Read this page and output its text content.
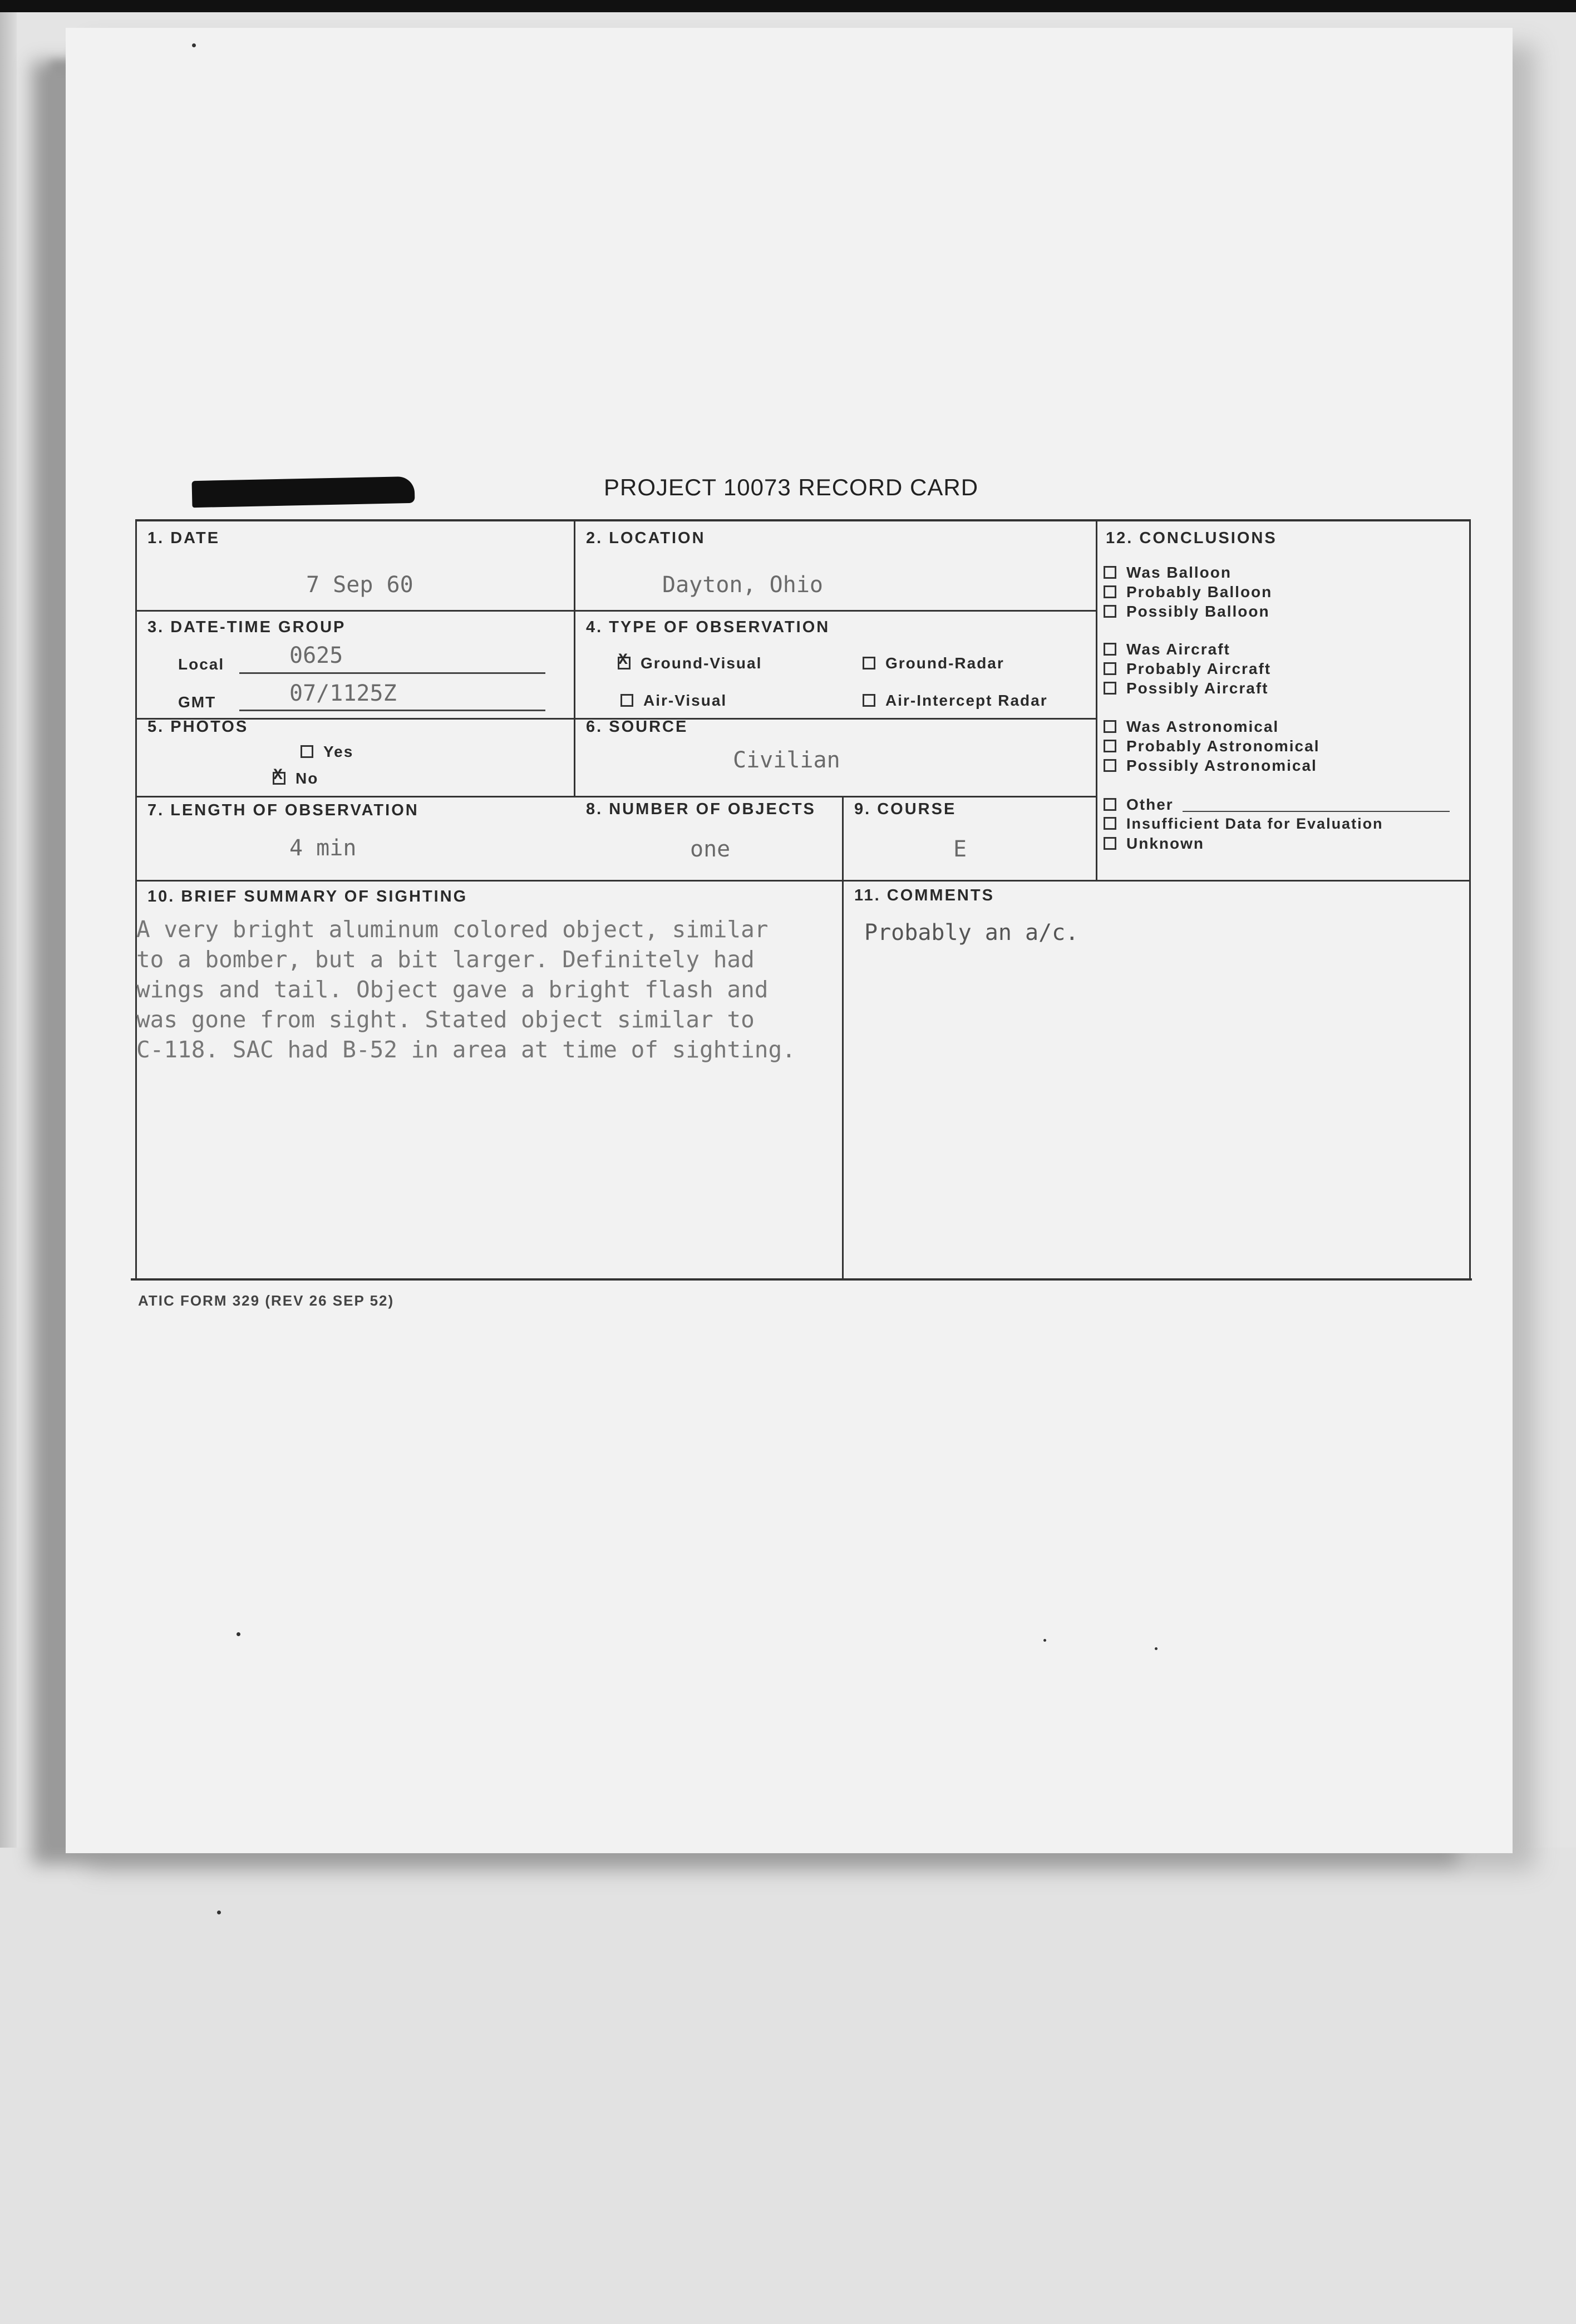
PROJECT 10073 RECORD CARD
1. DATE
7 Sep 60
2. LOCATION
Dayton, Ohio
3. DATE-TIME GROUP
Local	0625
GMT	07/1125Z
4. TYPE OF OBSERVATION
X Ground-Visual	Ground-Radar
Air-Visual	Air-Intercept Radar
5. PHOTOS
Yes
X No
6. SOURCE
Civilian
7. LENGTH OF OBSERVATION
4 min
8. NUMBER OF OBJECTS
one
9. COURSE
E
10. BRIEF SUMMARY OF SIGHTING
A very bright aluminum colored object, similar
to a bomber, but a bit larger. Definitely had
wings and tail. Object gave a bright flash and
was gone from sight. Stated object similar to
C-118. SAC had B-52 in area at time of sighting.
11. COMMENTS
Probably an a/c.
12. CONCLUSIONS
Was Balloon
Probably Balloon
Possibly Balloon
Was Aircraft
Probably Aircraft
Possibly Aircraft
Was Astronomical
Probably Astronomical
Possibly Astronomical
Other
Insufficient Data for Evaluation
Unknown
ATIC FORM 329 (REV 26 SEP 52)
